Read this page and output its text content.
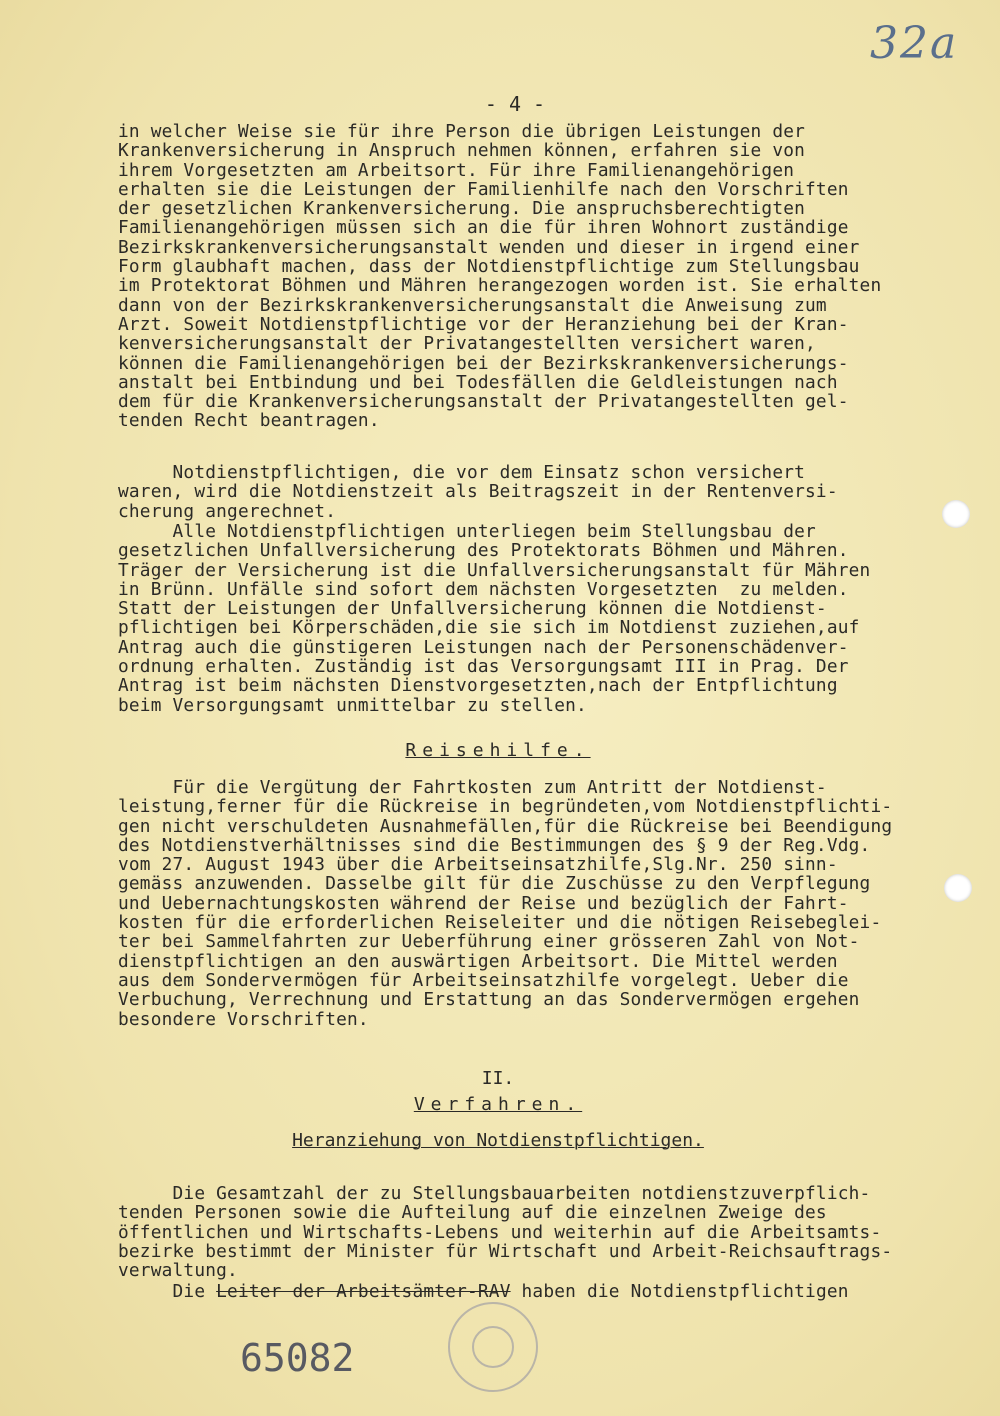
32a
- 4 -
in welcher Weise sie für ihre Person die übrigen Leistungen der
Krankenversicherung in Anspruch nehmen können, erfahren sie von
ihrem Vorgesetzten am Arbeitsort. Für ihre Familienangehörigen
erhalten sie die Leistungen der Familienhilfe nach den Vorschriften
der gesetzlichen Krankenversicherung. Die anspruchsberechtigten
Familienangehörigen müssen sich an die für ihren Wohnort zuständige
Bezirkskrankenversicherungsanstalt wenden und dieser in irgend einer
Form glaubhaft machen, dass der Notdienstpflichtige zum Stellungsbau
im Protektorat Böhmen und Mähren herangezogen worden ist. Sie erhalten
dann von der Bezirkskrankenversicherungsanstalt die Anweisung zum
Arzt. Soweit Notdienstpflichtige vor der Heranziehung bei der Kran-
kenversicherungsanstalt der Privatangestellten versichert waren,
können die Familienangehörigen bei der Bezirkskrankenversicherungs-
anstalt bei Entbindung und bei Todesfällen die Geldleistungen nach
dem für die Krankenversicherungsanstalt der Privatangestellten gel-
tenden Recht beantragen.
Notdienstpflichtigen, die vor dem Einsatz schon versichert
waren, wird die Notdienstzeit als Beitragszeit in der Rentenversi-
cherung angerechnet.
Alle Notdienstpflichtigen unterliegen beim Stellungsbau der
gesetzlichen Unfallversicherung des Protektorats Böhmen und Mähren.
Träger der Versicherung ist die Unfallversicherungsanstalt für Mähren
in Brünn. Unfälle sind sofort dem nächsten Vorgesetzten  zu melden.
Statt der Leistungen der Unfallversicherung können die Notdienst-
pflichtigen bei Körperschäden,die sie sich im Notdienst zuziehen,auf
Antrag auch die günstigeren Leistungen nach der Personenschädenver-
ordnung erhalten. Zuständig ist das Versorgungsamt III in Prag. Der
Antrag ist beim nächsten Dienstvorgesetzten,nach der Entpflichtung
beim Versorgungsamt unmittelbar zu stellen.
Reisehilfe.
Für die Vergütung der Fahrtkosten zum Antritt der Notdienst-
leistung,ferner für die Rückreise in begründeten,vom Notdienstpflichti-
gen nicht verschuldeten Ausnahmefällen,für die Rückreise bei Beendigung
des Notdienstverhältnisses sind die Bestimmungen des § 9 der Reg.Vdg.
vom 27. August 1943 über die Arbeitseinsatzhilfe,Slg.Nr. 250 sinn-
gemäss anzuwenden. Dasselbe gilt für die Zuschüsse zu den Verpflegung
und Uebernachtungskosten während der Reise und bezüglich der Fahrt-
kosten für die erforderlichen Reiseleiter und die nötigen Reisebeglei-
ter bei Sammelfahrten zur Ueberführung einer grösseren Zahl von Not-
dienstpflichtigen an den auswärtigen Arbeitsort. Die Mittel werden
aus dem Sondervermögen für Arbeitseinsatzhilfe vorgelegt. Ueber die
Verbuchung, Verrechnung und Erstattung an das Sondervermögen ergehen
besondere Vorschriften.
II.
Verfahren.
Heranziehung von Notdienstpflichtigen.
Die Gesamtzahl der zu Stellungsbauarbeiten notdienstzuverpflich-
tenden Personen sowie die Aufteilung auf die einzelnen Zweige des
öffentlichen und Wirtschafts-Lebens und weiterhin auf die Arbeitsamts-
bezirke bestimmt der Minister für Wirtschaft und Arbeit-Reichsauftrags-
verwaltung.
Die Leiter der Arbeitsämter-RAV haben die Notdienstpflichtigen
65082
